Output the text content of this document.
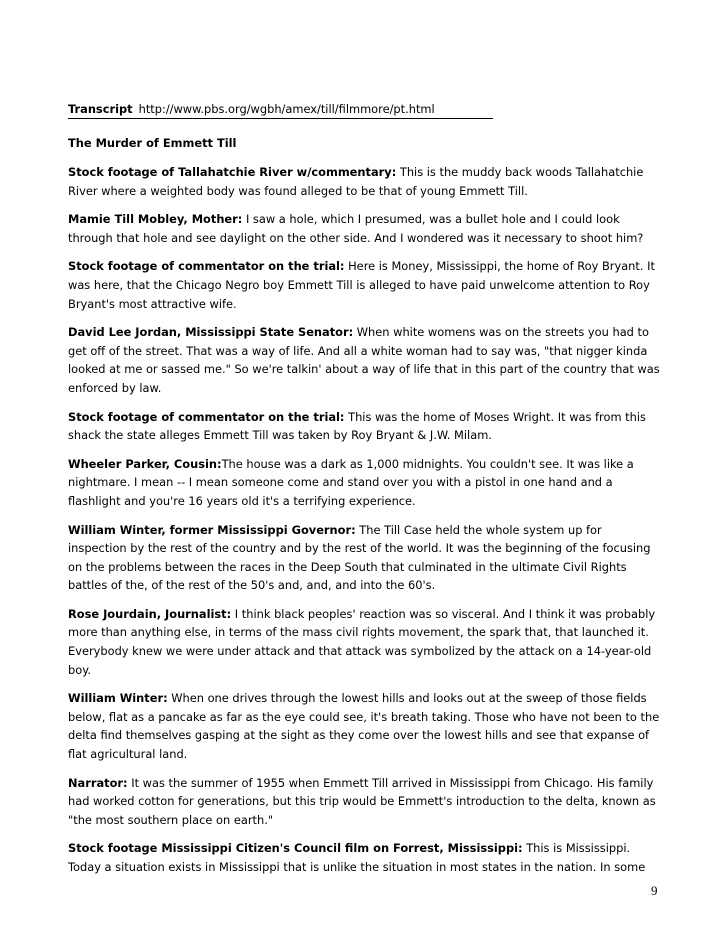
Transcript http://www.pbs.org/wgbh/amex/till/filmmore/pt.html
The Murder of Emmett Till
Stock footage of Tallahatchie River w/commentary: This is the muddy back woods Tallahatchie River where a weighted body was found alleged to be that of young Emmett Till.
Mamie Till Mobley, Mother: I saw a hole, which I presumed, was a bullet hole and I could look through that hole and see daylight on the other side. And I wondered was it necessary to shoot him?
Stock footage of commentator on the trial: Here is Money, Mississippi, the home of Roy Bryant. It was here, that the Chicago Negro boy Emmett Till is alleged to have paid unwelcome attention to Roy Bryant's most attractive wife.
David Lee Jordan, Mississippi State Senator: When white womens was on the streets you had to get off of the street. That was a way of life. And all a white woman had to say was, "that nigger kinda looked at me or sassed me." So we're talkin' about a way of life that in this part of the country that was enforced by law.
Stock footage of commentator on the trial: This was the home of Moses Wright. It was from this shack the state alleges Emmett Till was taken by Roy Bryant & J.W. Milam.
Wheeler Parker, Cousin:The house was a dark as 1,000 midnights. You couldn't see. It was like a nightmare. I mean -- I mean someone come and stand over you with a pistol in one hand and a flashlight and you're 16 years old it's a terrifying experience.
William Winter, former Mississippi Governor: The Till Case held the whole system up for inspection by the rest of the country and by the rest of the world. It was the beginning of the focusing on the problems between the races in the Deep South that culminated in the ultimate Civil Rights battles of the, of the rest of the 50's and, and, and into the 60's.
Rose Jourdain, Journalist: I think black peoples' reaction was so visceral. And I think it was probably more than anything else, in terms of the mass civil rights movement, the spark that, that launched it. Everybody knew we were under attack and that attack was symbolized by the attack on a 14-year-old boy.
William Winter: When one drives through the lowest hills and looks out at the sweep of those fields below, flat as a pancake as far as the eye could see, it's breath taking. Those who have not been to the delta find themselves gasping at the sight as they come over the lowest hills and see that expanse of flat agricultural land.
Narrator: It was the summer of 1955 when Emmett Till arrived in Mississippi from Chicago. His family had worked cotton for generations, but this trip would be Emmett's introduction to the delta, known as "the most southern place on earth."
Stock footage Mississippi Citizen's Council film on Forrest, Mississippi: This is Mississippi. Today a situation exists in Mississippi that is unlike the situation in most states in the nation. In some
9
